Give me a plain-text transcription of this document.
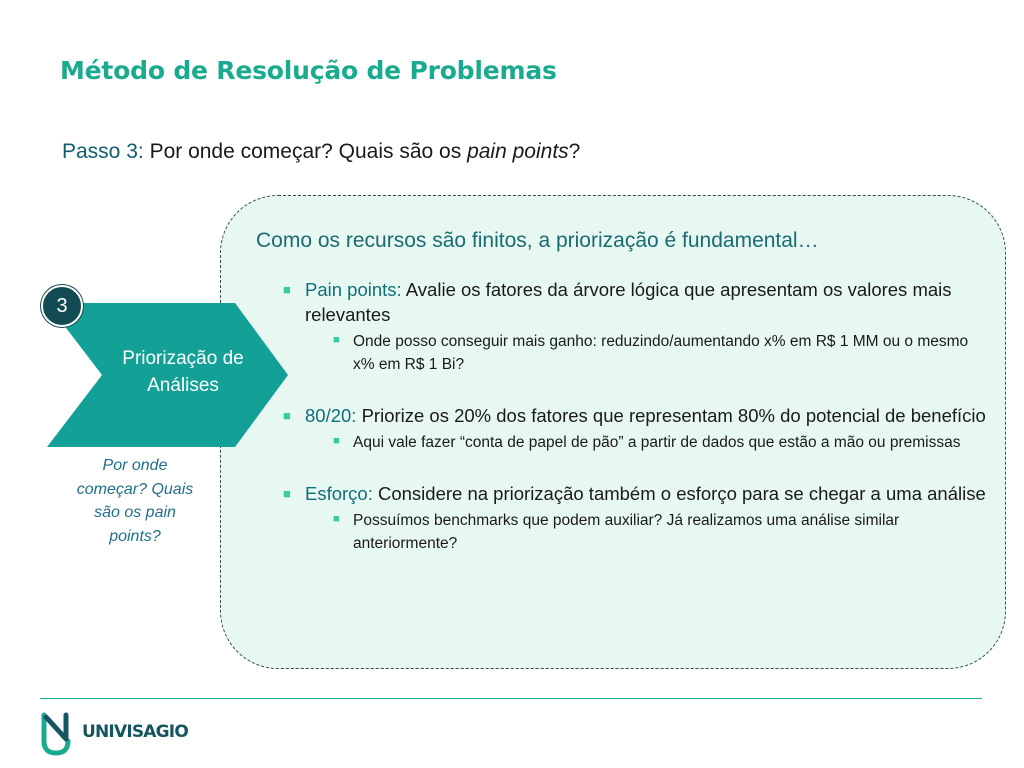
Método de Resolução de Problemas
Passo 3: Por onde começar? Quais são os pain points?
Como os recursos são finitos, a priorização é fundamental…
■ Pain points: Avalie os fatores da árvore lógica que apresentam os valores mais relevantes
■ Onde posso conseguir mais ganho: reduzindo/aumentando x% em R$ 1 MM ou o mesmo x% em R$ 1 Bi?
■ 80/20: Priorize os 20% dos fatores que representam 80% do potencial de benefício
■ Aqui vale fazer “conta de papel de pão” a partir de dados que estão a mão ou premissas
■ Esforço: Considere na priorização também o esforço para se chegar a uma análise
■ Possuímos benchmarks que podem auxiliar? Já realizamos uma análise similar anteriormente?
3
Priorização de
Análises
Por onde
começar? Quais
são os pain
points?
UNIVISAGIO
